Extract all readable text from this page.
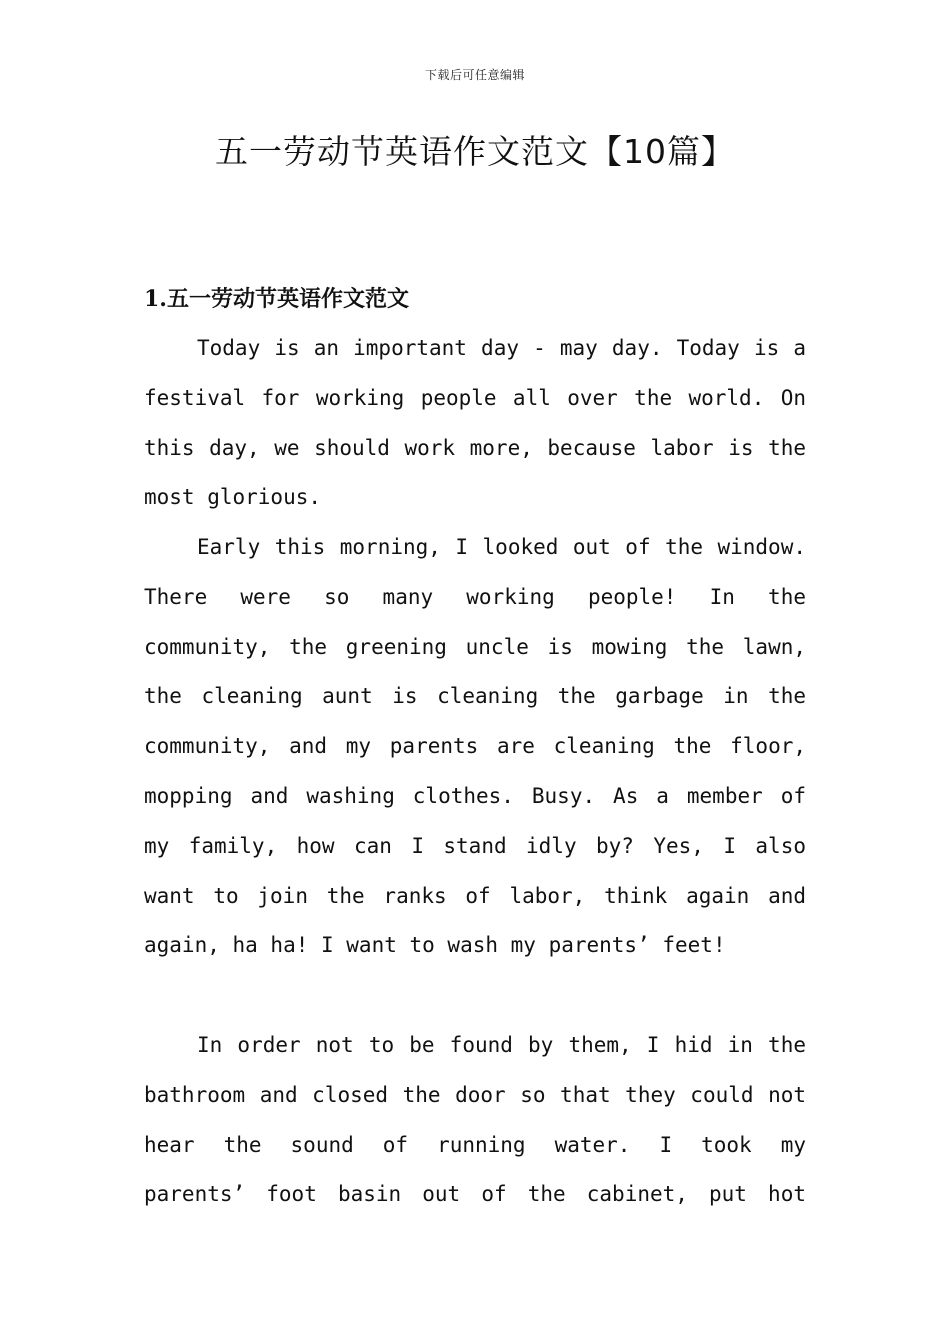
下载后可任意编辑
五一劳动节英语作文范文【10篇】
1.五一劳动节英语作文范文
Today is an important day - may day. Today is a
festival for working people all over the world. On
this day, we should work more, because labor is the
most glorious.
Early this morning, I looked out of the window.
There were so many working people! In the
community, the greening uncle is mowing the lawn,
the cleaning aunt is cleaning the garbage in the
community, and my parents are cleaning the floor,
mopping and washing clothes. Busy. As a member of
my family, how can I stand idly by? Yes, I also
want to join the ranks of labor, think again and
again, ha ha! I want to wash my parents’ feet!
In order not to be found by them, I hid in the
bathroom and closed the door so that they could not
hear the sound of running water. I took my
parents’ foot basin out of the cabinet, put hot
